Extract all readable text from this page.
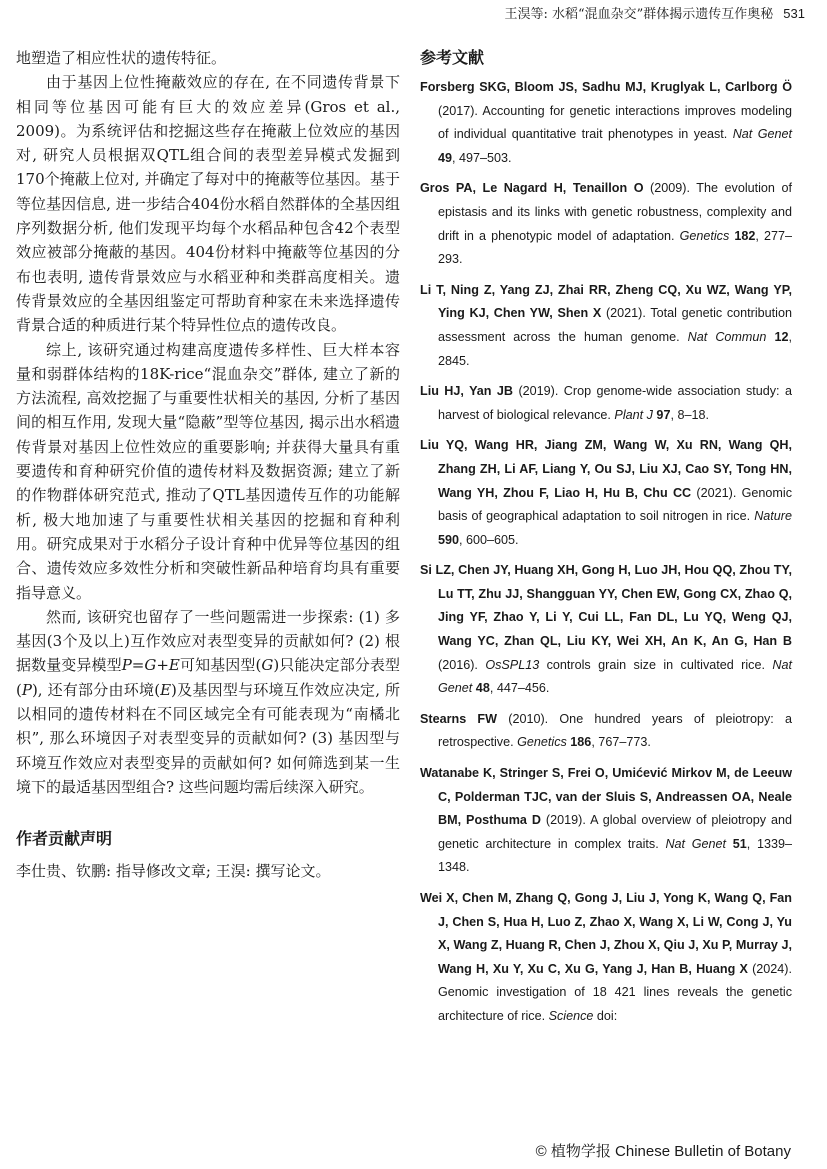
王淏等: 水稻“混血杂交”群体揭示遗传互作奥秘 531

地塑造了相应性状的遗传特征。

由于基因上位性掩蔽效应的存在, 在不同遗传背景下相同等位基因可能有巨大的效应差异(Gros et al., 2009)。为系统评估和挖掘这些存在掩蔽上位效应的基因对, 研究人员根据双QTL组合间的表型差异模式发掘到170个掩蔽上位对, 并确定了每对中的掩蔽等位基因。基于等位基因信息, 进一步结合404份水稻自然群体的全基因组序列数据分析, 他们发现平均每个水稻品种包含42个表型效应被部分掩蔽的基因。404份材料中掩蔽等位基因的分布也表明, 遗传背景效应与水稻亚种和类群高度相关。遗传背景效应的全基因组鉴定可帮助育种家在未来选择遗传背景合适的种质进行某个特异性位点的遗传改良。

综上, 该研究通过构建高度遗传多样性、巨大样本容量和弱群体结构的18K-rice“混血杂交”群体, 建立了新的方法流程, 高效挖掘了与重要性状相关的基因, 分析了基因间的相互作用, 发现大量“隐蔽”型等位基因, 揭示出水稻遗传背景对基因上位性效应的重要影响; 并获得大量具有重要遗传和育种研究价值的遗传材料及数据资源; 建立了新的作物群体研究范式, 推动了QTL基因遗传互作的功能解析, 极大地加速了与重要性状相关基因的挖掘和育种利用。研究成果对于水稻分子设计育种中优异等位基因的组合、遗传效应多效性分析和突破性新品种培育均具有重要指导意义。

然而, 该研究也留存了一些问题需进一步探索: (1) 多基因(3个及以上)互作效应对表型变异的贡献如何? (2) 根据数量变异模型P=G+E可知基因型(G)只能决定部分表型(P), 还有部分由环境(E)及基因型与环境互作效应决定, 所以相同的遗传材料在不同区域完全有可能表现为“南橘北枳”, 那么环境因子对表型变异的贡献如何? (3) 基因型与环境互作效应对表型变异的贡献如何? 如何筛选到某一生境下的最适基因型组合? 这些问题均需后续深入研究。

作者贡献声明

李仕贵、钦鹏: 指导修改文章; 王淏: 撰写论文。

参考文献

Forsberg SKG, Bloom JS, Sadhu MJ, Kruglyak L, Carlborg Ö (2017). Accounting for genetic interactions improves modeling of individual quantitative trait phenotypes in yeast. Nat Genet 49, 497–503.

Gros PA, Le Nagard H, Tenaillon O (2009). The evolution of epistasis and its links with genetic robustness, complexity and drift in a phenotypic model of adaptation. Genetics 182, 277–293.

Li T, Ning Z, Yang ZJ, Zhai RR, Zheng CQ, Xu WZ, Wang YP, Ying KJ, Chen YW, Shen X (2021). Total genetic contribution assessment across the human genome. Nat Commun 12, 2845.

Liu HJ, Yan JB (2019). Crop genome-wide association study: a harvest of biological relevance. Plant J 97, 8–18.

Liu YQ, Wang HR, Jiang ZM, Wang W, Xu RN, Wang QH, Zhang ZH, Li AF, Liang Y, Ou SJ, Liu XJ, Cao SY, Tong HN, Wang YH, Zhou F, Liao H, Hu B, Chu CC (2021). Genomic basis of geographical adaptation to soil nitrogen in rice. Nature 590, 600–605.

Si LZ, Chen JY, Huang XH, Gong H, Luo JH, Hou QQ, Zhou TY, Lu TT, Zhu JJ, Shangguan YY, Chen EW, Gong CX, Zhao Q, Jing YF, Zhao Y, Li Y, Cui LL, Fan DL, Lu YQ, Weng QJ, Wang YC, Zhan QL, Liu KY, Wei XH, An K, An G, Han B (2016). OsSPL13 controls grain size in cultivated rice. Nat Genet 48, 447–456.

Stearns FW (2010). One hundred years of pleiotropy: a retrospective. Genetics 186, 767–773.

Watanabe K, Stringer S, Frei O, Umićević Mirkov M, de Leeuw C, Polderman TJC, van der Sluis S, Andreassen OA, Neale BM, Posthuma D (2019). A global overview of pleiotropy and genetic architecture in complex traits. Nat Genet 51, 1339–1348.

Wei X, Chen M, Zhang Q, Gong J, Liu J, Yong K, Wang Q, Fan J, Chen S, Hua H, Luo Z, Zhao X, Wang X, Li W, Cong J, Yu X, Wang Z, Huang R, Chen J, Zhou X, Qiu J, Xu P, Murray J, Wang H, Xu Y, Xu C, Xu G, Yang J, Han B, Huang X (2024). Genomic investigation of 18 421 lines reveals the genetic architecture of rice. Science doi:

© 植物学报 Chinese Bulletin of Botany
